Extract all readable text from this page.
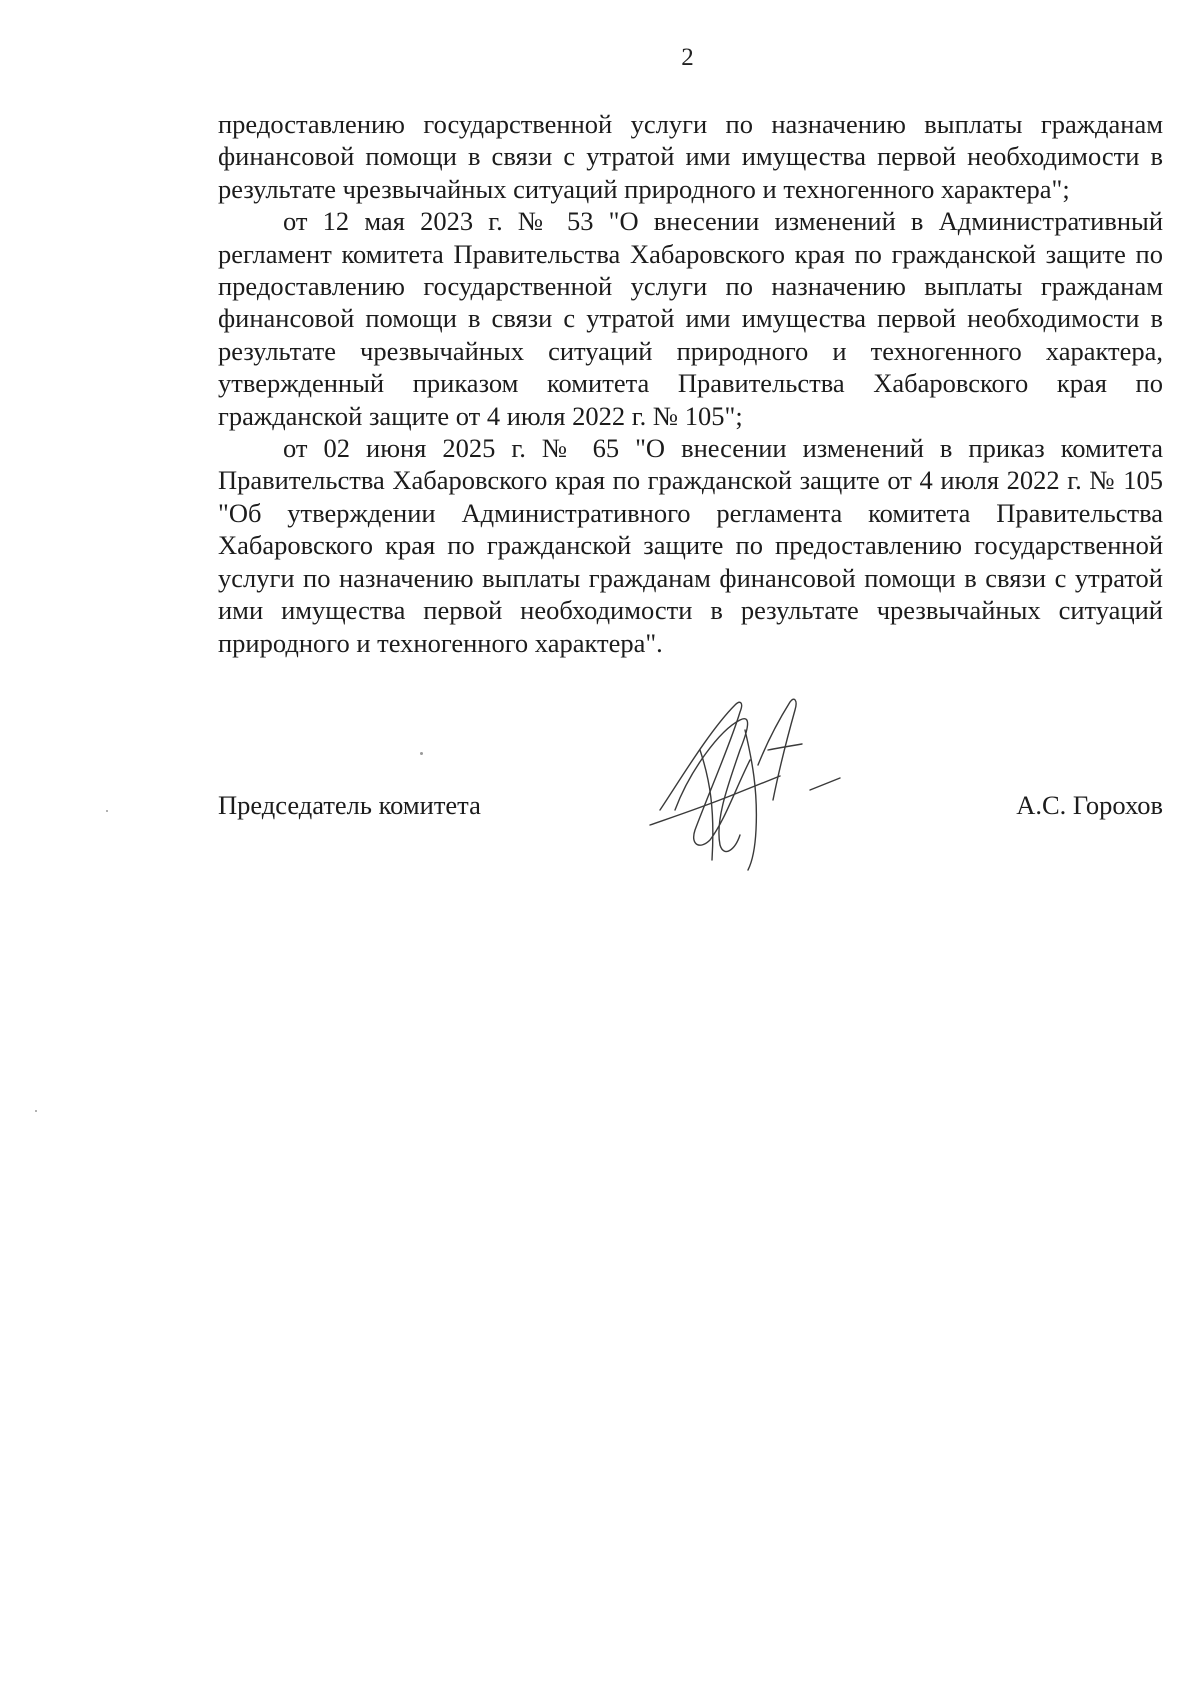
2

предоставлению государственной услуги по назначению выплаты гражданам финансовой помощи в связи с утратой ими имущества первой необходимости в результате чрезвычайных ситуаций природного и техногенного характера";

от 12 мая 2023 г. № 53 "О внесении изменений в Административный регламент комитета Правительства Хабаровского края по гражданской защите по предоставлению государственной услуги по назначению выплаты гражданам финансовой помощи в связи с утратой ими имущества первой необходимости в результате чрезвычайных ситуаций природного и техногенного характера, утвержденный приказом комитета Правительства Хабаровского края по гражданской защите от 4 июля 2022 г. № 105";

от 02 июня 2025 г. № 65 "О внесении изменений в приказ комитета Правительства Хабаровского края по гражданской защите от 4 июля 2022 г. № 105 "Об утверждении Административного регламента комитета Правительства Хабаровского края по гражданской защите по предоставлению государственной услуги по назначению выплаты гражданам финансовой помощи в связи с утратой ими имущества первой необходимости в результате чрезвычайных ситуаций природного и техногенного характера".

Председатель комитета	А.С. Горохов
